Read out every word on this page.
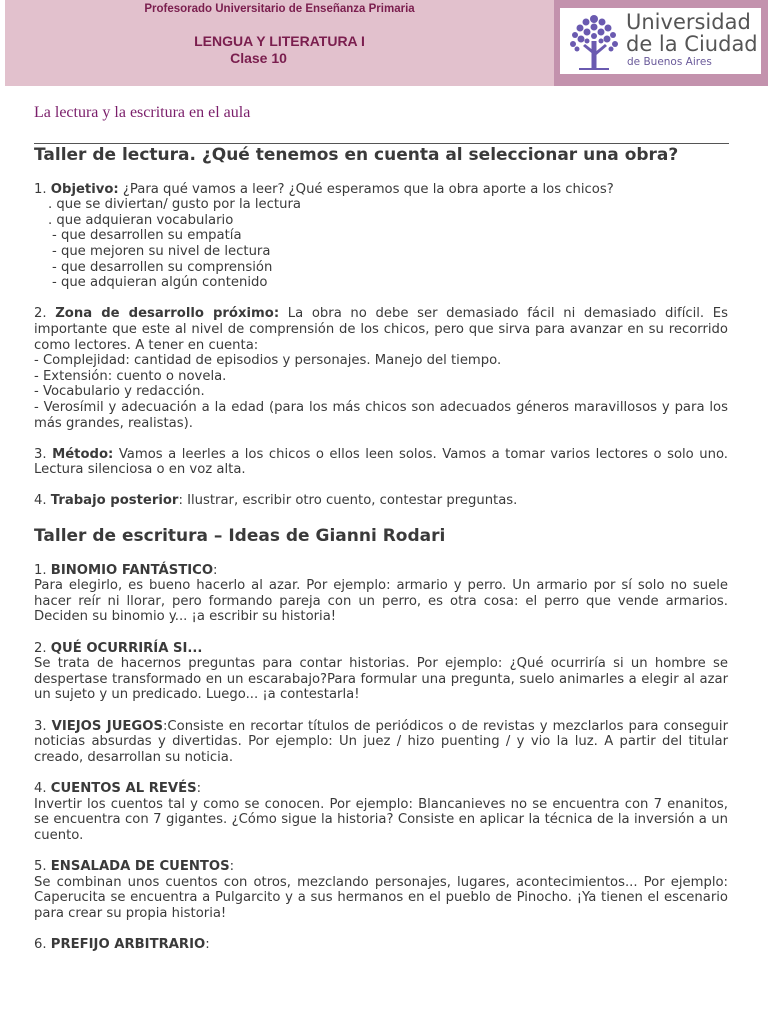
Profesorado Universitario de Enseñanza Primaria
LENGUA Y LITERATURA I
Clase 10
Universidad
de la Ciudad
de Buenos Aires
La lectura y la escritura en el aula
Taller de lectura. ¿Qué tenemos en cuenta al seleccionar una obra?

1. Objetivo: ¿Para qué vamos a leer? ¿Qué esperamos que la obra aporte a los chicos?

. que se diviertan/ gusto por la lectura

. que adquieran vocabulario

- que desarrollen su empatía

- que mejoren su nivel de lectura

- que desarrollen su comprensión

- que adquieran algún contenido

2. Zona de desarrollo próximo: La obra no debe ser demasiado fácil ni demasiado difícil. Es importante que este al nivel de comprensión de los chicos, pero que sirva para avanzar en su recorrido como lectores. A tener en cuenta:

- Complejidad: cantidad de episodios y personajes. Manejo del tiempo.

- Extensión: cuento o novela.

- Vocabulario y redacción.

- Verosímil y adecuación a la edad (para los más chicos son adecuados géneros maravillosos y para los más grandes, realistas).

3. Método: Vamos a leerles a los chicos o ellos leen solos. Vamos a tomar varios lectores o solo uno. Lectura silenciosa o en voz alta.

4. Trabajo posterior: Ilustrar, escribir otro cuento, contestar preguntas.

Taller de escritura – Ideas de Gianni Rodari

1. BINOMIO FANTÁSTICO:

Para elegirlo, es bueno hacerlo al azar. Por ejemplo: armario y perro. Un armario por sí solo no suele hacer reír ni llorar, pero formando pareja con un perro, es otra cosa: el perro que vende armarios. Deciden su binomio y... ¡a escribir su historia!

2. QUÉ OCURRIRÍA SI...

Se trata de hacernos preguntas para contar historias. Por ejemplo: ¿Qué ocurriría si un hombre se despertase transformado en un escarabajo?Para formular una pregunta, suelo animarles a elegir al azar un sujeto y un predicado. Luego... ¡a contestarla!

3. VIEJOS JUEGOS:Consiste en recortar títulos de periódicos o de revistas y mezclarlos para conseguir noticias absurdas y divertidas. Por ejemplo: Un juez / hizo puenting / y vio la luz. A partir del titular creado, desarrollan su noticia.

4. CUENTOS AL REVÉS:

Invertir los cuentos tal y como se conocen. Por ejemplo: Blancanieves no se encuentra con 7 enanitos, se encuentra con 7 gigantes. ¿Cómo sigue la historia? Consiste en aplicar la técnica de la inversión a un cuento.

5. ENSALADA DE CUENTOS:

Se combinan unos cuentos con otros, mezclando personajes, lugares, acontecimientos... Por ejemplo: Caperucita se encuentra a Pulgarcito y a sus hermanos en el pueblo de Pinocho. ¡Ya tienen el escenario para crear su propia historia!

6. PREFIJO ARBITRARIO:
